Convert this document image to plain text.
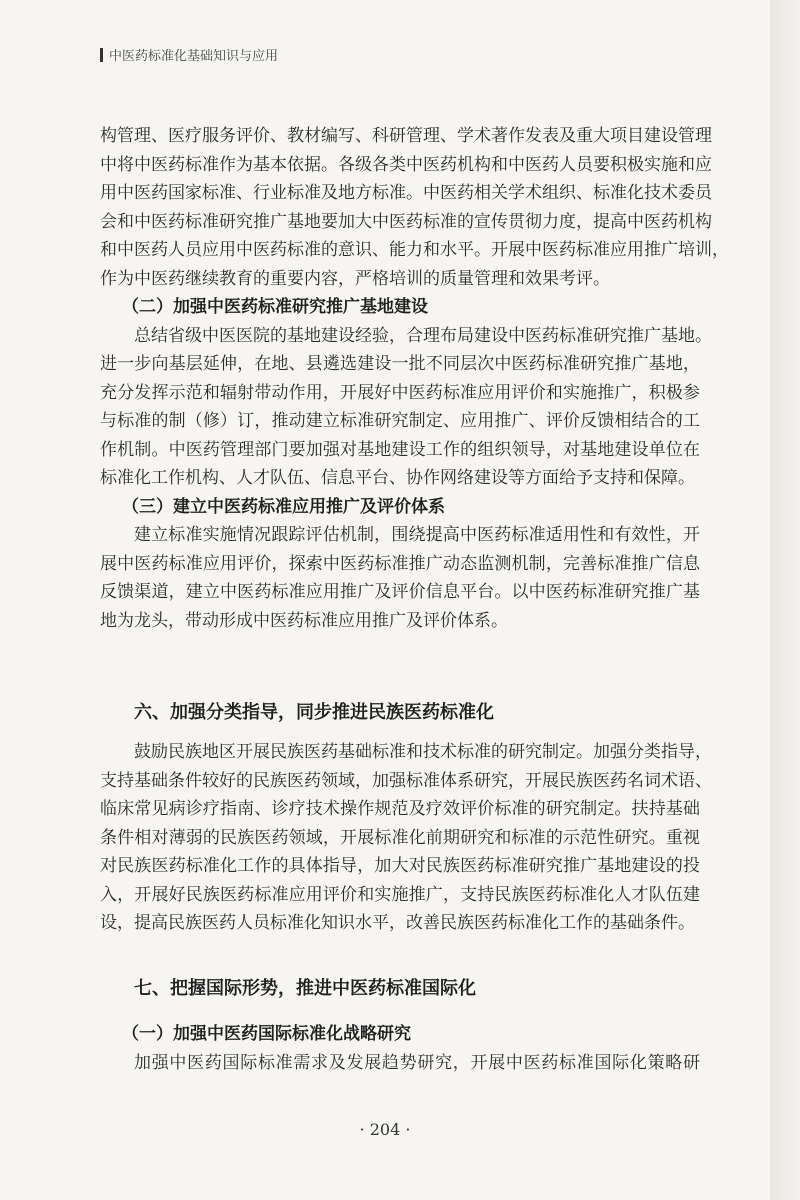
中医药标准化基础知识与应用
构管理、医疗服务评价、教材编写、科研管理、学术著作发表及重大项目建设管理
中将中医药标准作为基本依据。各级各类中医药机构和中医药人员要积极实施和应
用中医药国家标准、行业标准及地方标准。中医药相关学术组织、标准化技术委员
会和中医药标准研究推广基地要加大中医药标准的宣传贯彻力度，提高中医药机构
和中医药人员应用中医药标准的意识、能力和水平。开展中医药标准应用推广培训，
作为中医药继续教育的重要内容，严格培训的质量管理和效果考评。
（二）加强中医药标准研究推广基地建设
总结省级中医医院的基地建设经验，合理布局建设中医药标准研究推广基地。
进一步向基层延伸，在地、县遴选建设一批不同层次中医药标准研究推广基地，
充分发挥示范和辐射带动作用，开展好中医药标准应用评价和实施推广，积极参
与标准的制（修）订，推动建立标准研究制定、应用推广、评价反馈相结合的工
作机制。中医药管理部门要加强对基地建设工作的组织领导，对基地建设单位在
标准化工作机构、人才队伍、信息平台、协作网络建设等方面给予支持和保障。
（三）建立中医药标准应用推广及评价体系
建立标准实施情况跟踪评估机制，围绕提高中医药标准适用性和有效性，开
展中医药标准应用评价，探索中医药标准推广动态监测机制，完善标准推广信息
反馈渠道，建立中医药标准应用推广及评价信息平台。以中医药标准研究推广基
地为龙头，带动形成中医药标准应用推广及评价体系。
六、加强分类指导，同步推进民族医药标准化
鼓励民族地区开展民族医药基础标准和技术标准的研究制定。加强分类指导，
支持基础条件较好的民族医药领域，加强标准体系研究，开展民族医药名词术语、
临床常见病诊疗指南、诊疗技术操作规范及疗效评价标准的研究制定。扶持基础
条件相对薄弱的民族医药领域，开展标准化前期研究和标准的示范性研究。重视
对民族医药标准化工作的具体指导，加大对民族医药标准研究推广基地建设的投
入，开展好民族医药标准应用评价和实施推广，支持民族医药标准化人才队伍建
设，提高民族医药人员标准化知识水平，改善民族医药标准化工作的基础条件。
七、把握国际形势，推进中医药标准国际化
（一）加强中医药国际标准化战略研究
加强中医药国际标准需求及发展趋势研究，开展中医药标准国际化策略研
· 204 ·
